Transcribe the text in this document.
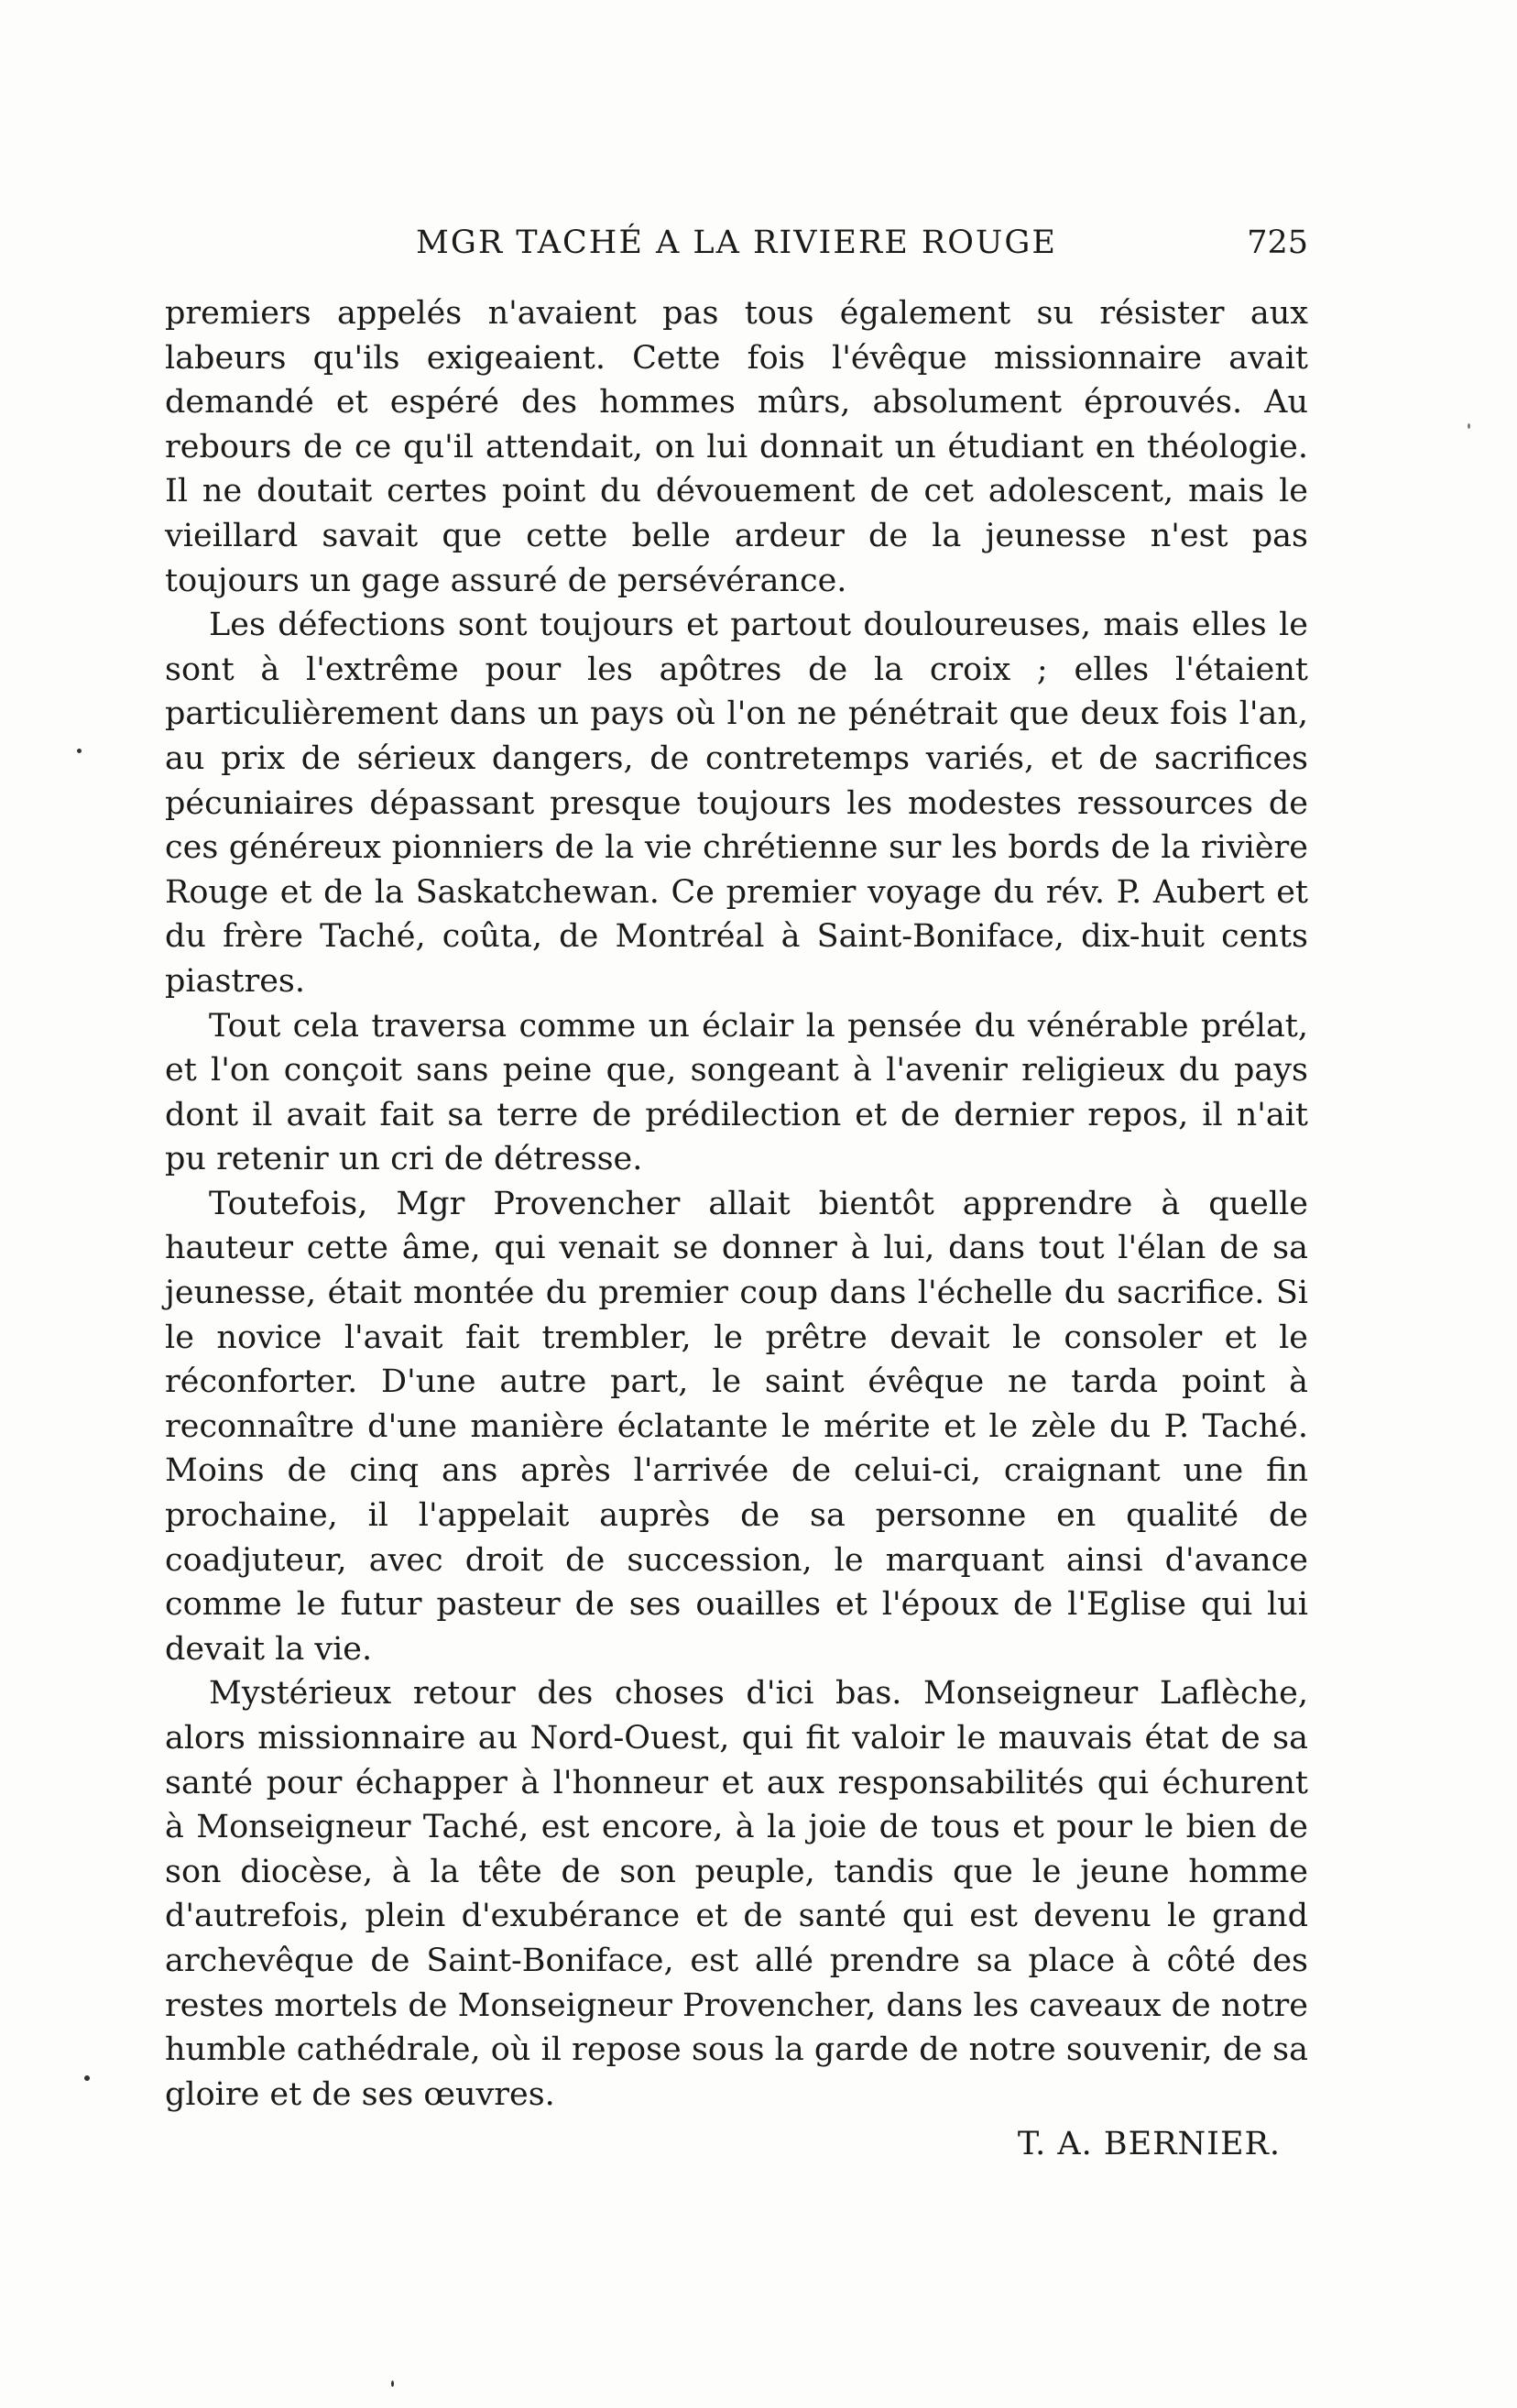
MGR TACHÉ A LA RIVIERE ROUGE	725

premiers appelés n'avaient pas tous également su résister aux labeurs qu'ils exigeaient. Cette fois l'évêque missionnaire avait demandé et espéré des hommes mûrs, absolument éprouvés. Au rebours de ce qu'il attendait, on lui donnait un étudiant en théologie. Il ne doutait certes point du dévouement de cet adolescent, mais le vieillard savait que cette belle ardeur de la jeunesse n'est pas toujours un gage assuré de persévérance.

Les défections sont toujours et partout douloureuses, mais elles le sont à l'extrême pour les apôtres de la croix ; elles l'étaient particulièrement dans un pays où l'on ne pénétrait que deux fois l'an, au prix de sérieux dangers, de contretemps variés, et de sacrifices pécuniaires dépassant presque toujours les modestes ressources de ces généreux pionniers de la vie chrétienne sur les bords de la rivière Rouge et de la Saskatchewan. Ce premier voyage du rév. P. Aubert et du frère Taché, coûta, de Montréal à Saint-Boniface, dix-huit cents piastres.

Tout cela traversa comme un éclair la pensée du vénérable prélat, et l'on conçoit sans peine que, songeant à l'avenir religieux du pays dont il avait fait sa terre de prédilection et de dernier repos, il n'ait pu retenir un cri de détresse.

Toutefois, Mgr Provencher allait bientôt apprendre à quelle hauteur cette âme, qui venait se donner à lui, dans tout l'élan de sa jeunesse, était montée du premier coup dans l'échelle du sacrifice. Si le novice l'avait fait trembler, le prêtre devait le consoler et le réconforter. D'une autre part, le saint évêque ne tarda point à reconnaître d'une manière éclatante le mérite et le zèle du P. Taché. Moins de cinq ans après l'arrivée de celui-ci, craignant une fin prochaine, il l'appelait auprès de sa personne en qualité de coadjuteur, avec droit de succession, le marquant ainsi d'avance comme le futur pasteur de ses ouailles et l'époux de l'Eglise qui lui devait la vie.

Mystérieux retour des choses d'ici bas. Monseigneur Laflèche, alors missionnaire au Nord-Ouest, qui fit valoir le mauvais état de sa santé pour échapper à l'honneur et aux responsabilités qui échurent à Monseigneur Taché, est encore, à la joie de tous et pour le bien de son diocèse, à la tête de son peuple, tandis que le jeune homme d'autrefois, plein d'exubérance et de santé qui est devenu le grand archevêque de Saint-Boniface, est allé prendre sa place à côté des restes mortels de Monseigneur Provencher, dans les caveaux de notre humble cathédrale, où il repose sous la garde de notre souvenir, de sa gloire et de ses œuvres.

T. A. BERNIER.
